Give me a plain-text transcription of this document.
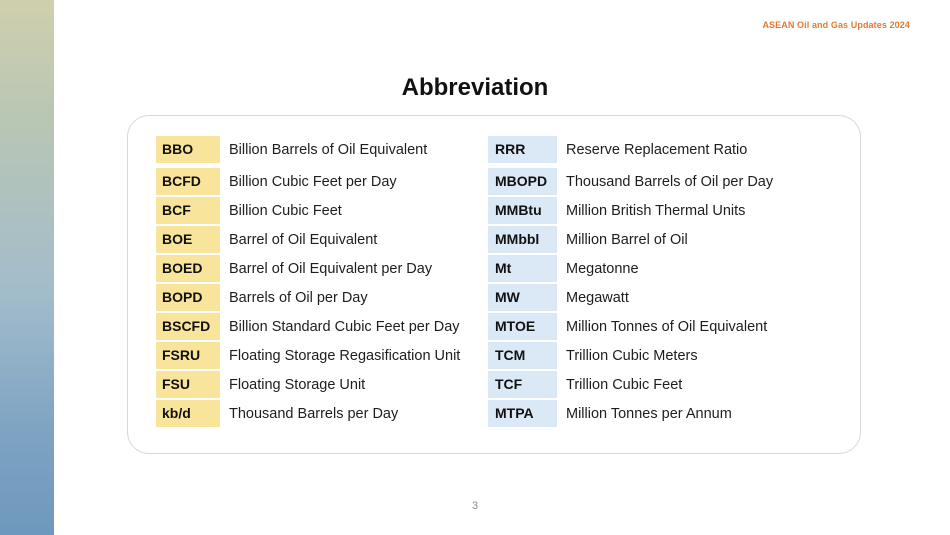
ASEAN Oil and Gas Updates 2024
Abbreviation
BBO	Billion Barrels of Oil Equivalent
BCFD	Billion Cubic Feet per Day
BCF	Billion Cubic Feet
BOE	Barrel of Oil Equivalent
BOED	Barrel of Oil Equivalent per Day
BOPD	Barrels of Oil per Day
BSCFD	Billion Standard Cubic Feet per Day
FSRU	Floating Storage Regasification Unit
FSU	Floating Storage Unit
kb/d	Thousand Barrels per Day
RRR	Reserve Replacement Ratio
MBOPD	Thousand Barrels of Oil per Day
MMBtu	Million British Thermal Units
MMbbl	Million Barrel of Oil
Mt	Megatonne
MW	Megawatt
MTOE	Million Tonnes of Oil Equivalent
TCM	Trillion Cubic Meters
TCF	Trillion Cubic Feet
MTPA	Million Tonnes per Annum
3
